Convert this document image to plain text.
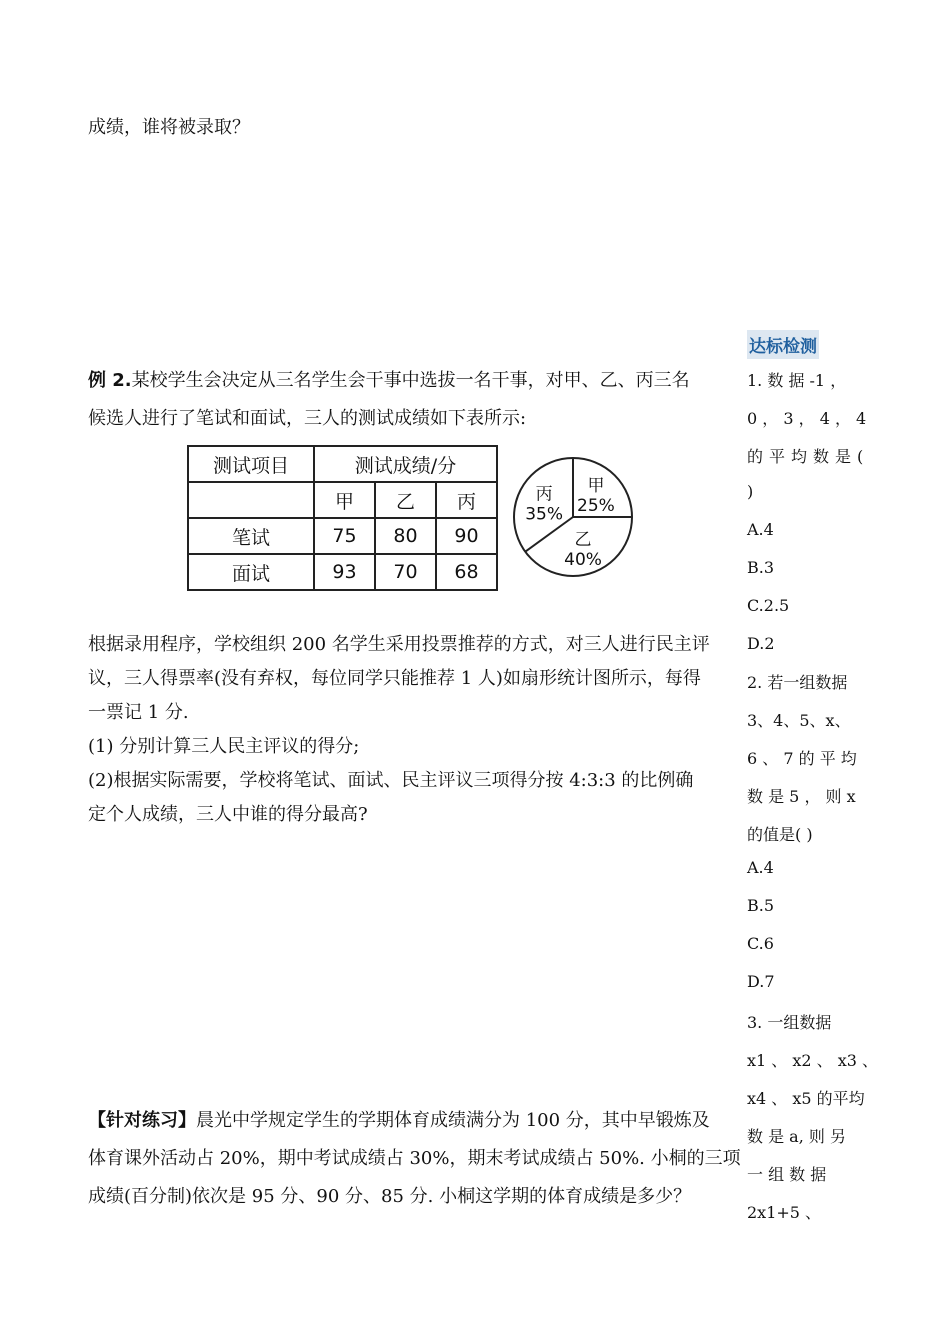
成绩，谁将被录取？
例 2.某校学生会决定从三名学生会干事中选拔一名干事，对甲、乙、丙三名
候选人进行了笔试和面试，三人的测试成绩如下表所示:
测试项目	测试成绩/分		
	甲	乙	丙
笔试	75	80	90
面试	93	70	68
甲
25%
乙
40%
丙
35%
根据录用程序，学校组织 200 名学生采用投票推荐的方式，对三人进行民主评
议，三人得票率(没有弃权，每位同学只能推荐 1 人)如扇形统计图所示，每得
一票记 1 分.
(1) 分别计算三人民主评议的得分;
(2)根据实际需要，学校将笔试、面试、民主评议三项得分按 4:3:3 的比例确
定个人成绩，三人中谁的得分最高?
【针对练习】晨光中学规定学生的学期体育成绩满分为 100 分，其中早锻炼及
体育课外活动占 20%，期中考试成绩占 30%，期末考试成绩占 50%. 小桐的三项
成绩(百分制)依次是 95 分、90 分、85 分. 小桐这学期的体育成绩是多少？
达标检测
1. 数 据 -1 ，
0 ， 3 ， 4 ， 4
的平均数是(
)
A.4
B.3
C.2.5
D.2
2. 若一组数据
3、4、5、x、
6 、 7 的 平 均
数 是 5 ， 则 x
的值是( )
A.4
B.5
C.6
D.7
3. 一组数据
x1 、 x2 、 x3 、
x4 、 x5 的平均
数 是 a, 则 另
一 组 数 据
2x1+5 、
